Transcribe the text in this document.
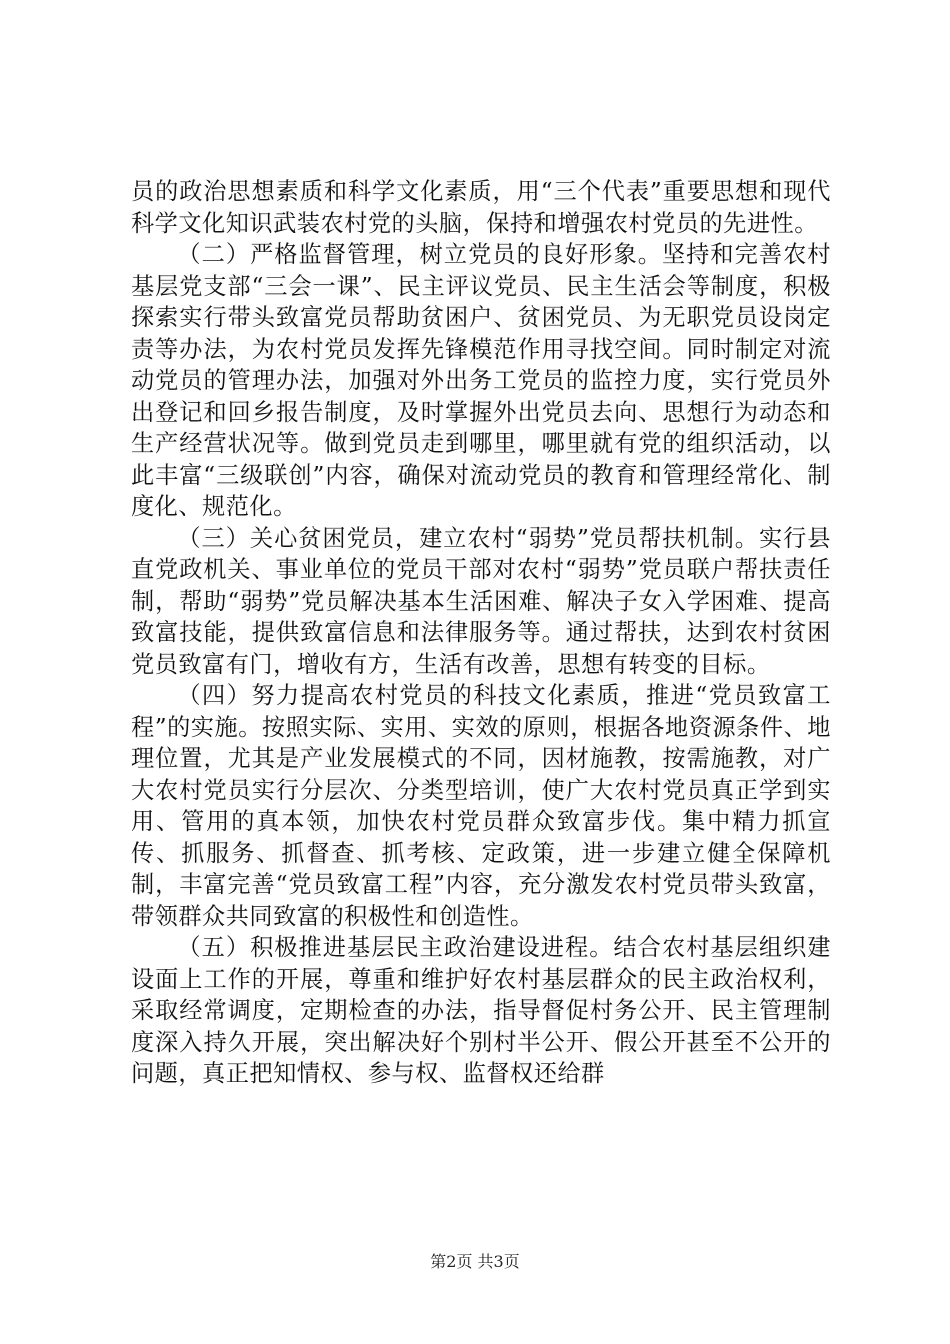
员的政治思想素质和科学文化素质，用“三个代表”重要思想和现代科学文化知识武装农村党的头脑，保持和增强农村党员的先进性。

（二）严格监督管理，树立党员的良好形象。坚持和完善农村基层党支部“三会一课”、民主评议党员、民主生活会等制度，积极探索实行带头致富党员帮助贫困户、贫困党员、为无职党员设岗定责等办法，为农村党员发挥先锋模范作用寻找空间。同时制定对流动党员的管理办法，加强对外出务工党员的监控力度，实行党员外出登记和回乡报告制度，及时掌握外出党员去向、思想行为动态和生产经营状况等。做到党员走到哪里，哪里就有党的组织活动，以此丰富“三级联创”内容，确保对流动党员的教育和管理经常化、制度化、规范化。

（三）关心贫困党员，建立农村“弱势”党员帮扶机制。实行县直党政机关、事业单位的党员干部对农村“弱势”党员联户帮扶责任制，帮助“弱势”党员解决基本生活困难、解决子女入学困难、提高致富技能，提供致富信息和法律服务等。通过帮扶，达到农村贫困党员致富有门，增收有方，生活有改善，思想有转变的目标。

（四）努力提高农村党员的科技文化素质，推进“党员致富工程”的实施。按照实际、实用、实效的原则，根据各地资源条件、地理位置，尤其是产业发展模式的不同，因材施教，按需施教，对广大农村党员实行分层次、分类型培训，使广大农村党员真正学到实用、管用的真本领，加快农村党员群众致富步伐。集中精力抓宣传、抓服务、抓督查、抓考核、定政策，进一步建立健全保障机制，丰富完善“党员致富工程”内容，充分激发农村党员带头致富，带领群众共同致富的积极性和创造性。

（五）积极推进基层民主政治建设进程。结合农村基层组织建设面上工作的开展，尊重和维护好农村基层群众的民主政治权利，采取经常调度，定期检查的办法，指导督促村务公开、民主管理制度深入持久开展，突出解决好个别村半公开、假公开甚至不公开的问题，真正把知情权、参与权、监督权还给群

第2页 共3页
